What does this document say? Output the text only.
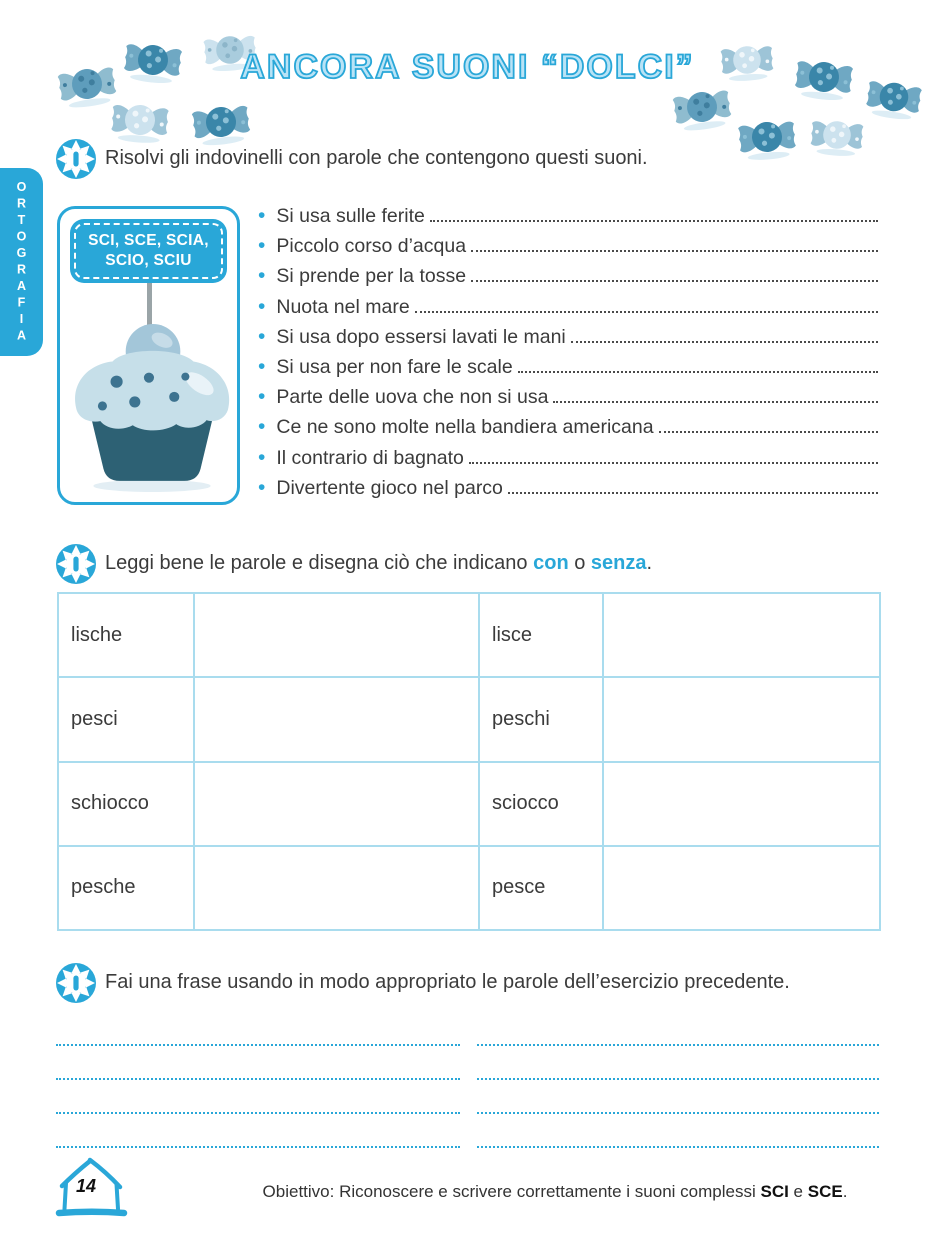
ANCORA SUONI “DOLCI”
ORTOGRAFIA
Risolvi gli indovinelli con parole che contengono questi suoni.
SCI, SCE, SCIA,
SCIO, SCIU
• Si usa sulle ferite
• Piccolo corso d’acqua
• Si prende per la tosse
• Nuota nel mare
• Si usa dopo essersi lavati le mani
• Si usa per non fare le scale
• Parte delle uova che non si usa
• Ce ne sono molte nella bandiera americana
• Il contrario di bagnato
• Divertente gioco nel parco
Leggi bene le parole e disegna ciò che indicano con o senza.
lische		lisce	
pesci		peschi	
schiocco		sciocco	
pesche		pesce	
Fai una frase usando in modo appropriato le parole dell’esercizio precedente.
14	Obiettivo: Riconoscere e scrivere correttamente i suoni complessi SCI e SCE.
